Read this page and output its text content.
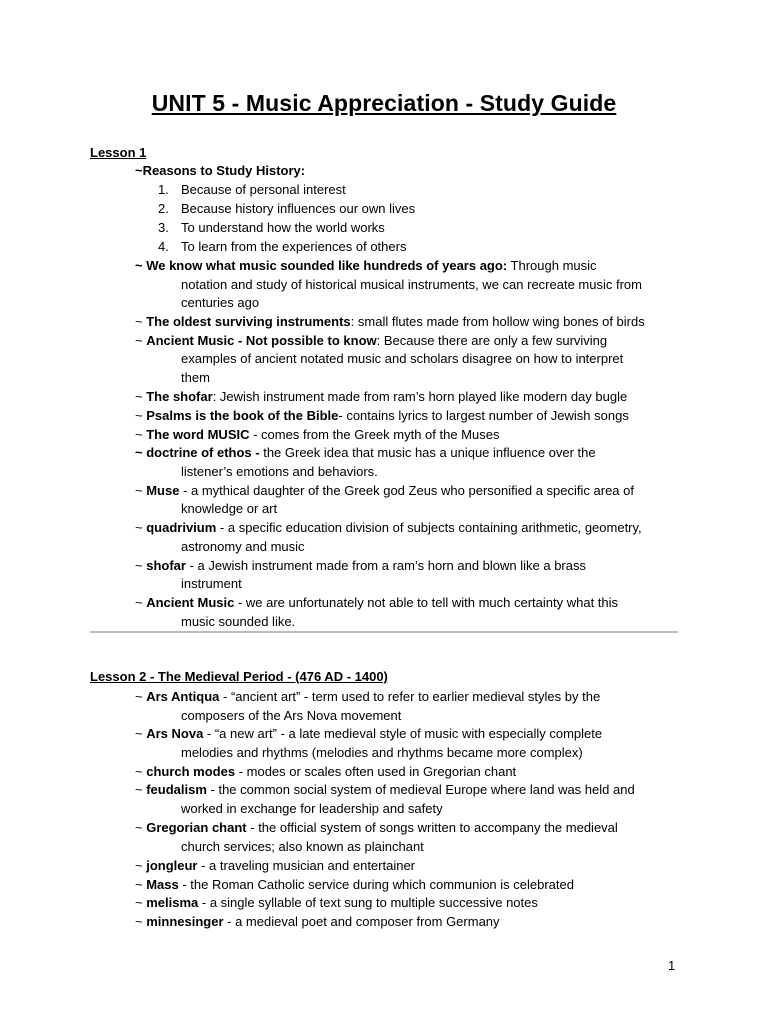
UNIT 5 - Music Appreciation - Study Guide
Lesson 1
~Reasons to Study History:
1. Because of personal interest
2. Because history influences our own lives
3. To understand how the world works
4. To learn from the experiences of others
~ We know what music sounded like hundreds of years ago: Through music
notation and study of historical musical instruments, we can recreate music from
centuries ago
~ The oldest surviving instruments: small flutes made from hollow wing bones of birds
~ Ancient Music - Not possible to know: Because there are only a few surviving
examples of ancient notated music and scholars disagree on how to interpret
them
~ The shofar: Jewish instrument made from ram’s horn played like modern day bugle
~ Psalms is the book of the Bible- contains lyrics to largest number of Jewish songs
~ The word MUSIC - comes from the Greek myth of the Muses
~ doctrine of ethos - the Greek idea that music has a unique influence over the
listener’s emotions and behaviors.
~ Muse - a mythical daughter of the Greek god Zeus who personified a specific area of
knowledge or art
~ quadrivium - a specific education division of subjects containing arithmetic, geometry,
astronomy and music
~ shofar - a Jewish instrument made from a ram’s horn and blown like a brass
instrument
~ Ancient Music - we are unfortunately not able to tell with much certainty what this
music sounded like.
Lesson 2 - The Medieval Period - (476 AD - 1400)
~ Ars Antiqua - “ancient art” - term used to refer to earlier medieval styles by the
composers of the Ars Nova movement
~ Ars Nova - “a new art” - a late medieval style of music with especially complete
melodies and rhythms (melodies and rhythms became more complex)
~ church modes - modes or scales often used in Gregorian chant
~ feudalism - the common social system of medieval Europe where land was held and
worked in exchange for leadership and safety
~ Gregorian chant - the official system of songs written to accompany the medieval
church services; also known as plainchant
~ jongleur - a traveling musician and entertainer
~ Mass - the Roman Catholic service during which communion is celebrated
~ melisma - a single syllable of text sung to multiple successive notes
~ minnesinger - a medieval poet and composer from Germany
1
